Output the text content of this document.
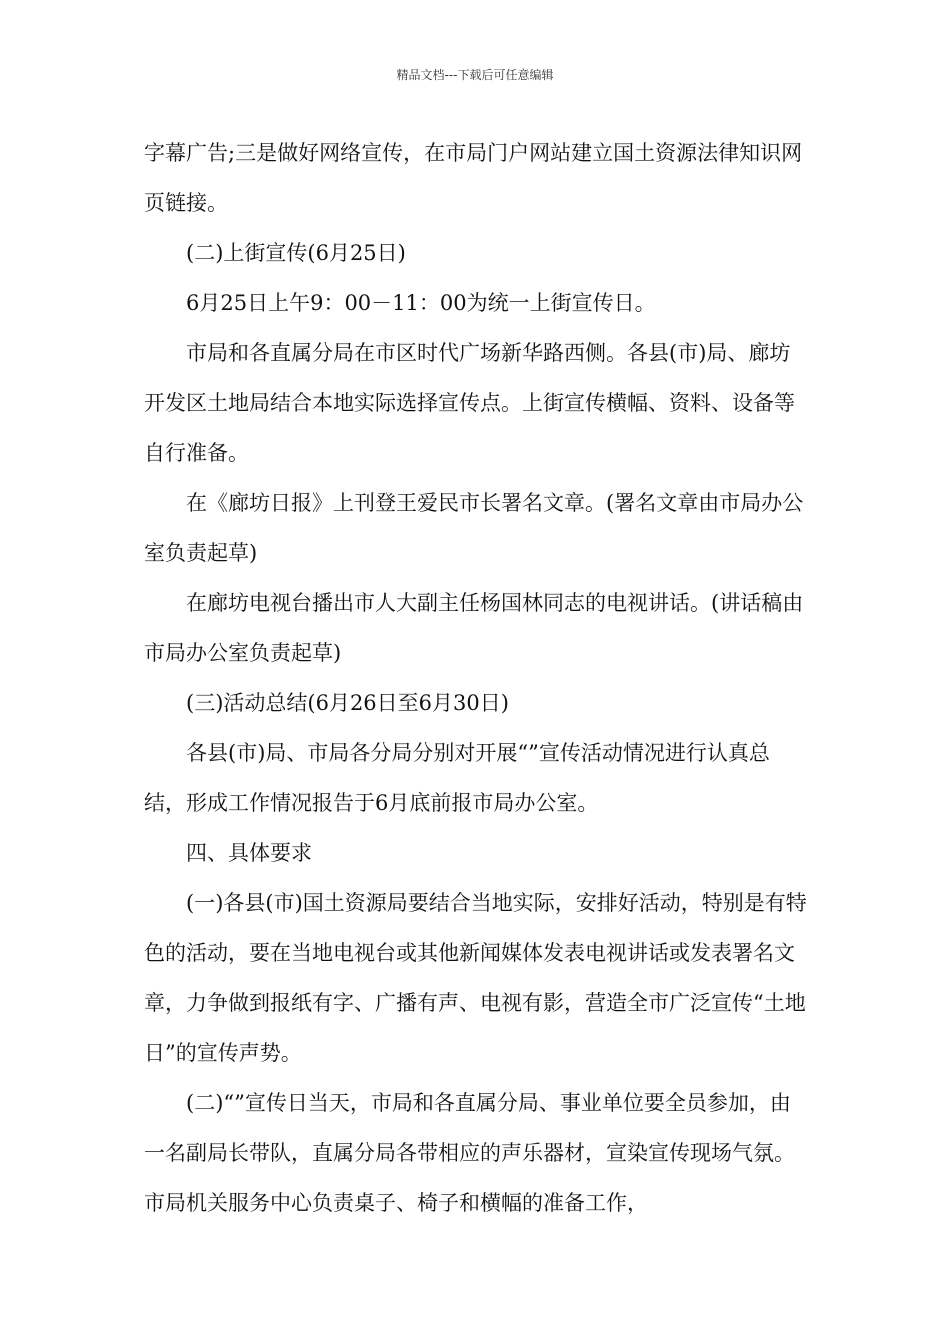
精品文档---下载后可任意编辑

字幕广告;三是做好网络宣传，在市局门户网站建立国土资源法律知识网页链接。

(二)上街宣传(6月25日)

6月25日上午9：00－11：00为统一上街宣传日。

市局和各直属分局在市区时代广场新华路西侧。各县(市)局、廊坊开发区土地局结合本地实际选择宣传点。上街宣传横幅、资料、设备等自行准备。

在《廊坊日报》上刊登王爱民市长署名文章。(署名文章由市局办公室负责起草)

在廊坊电视台播出市人大副主任杨国林同志的电视讲话。(讲话稿由市局办公室负责起草)

(三)活动总结(6月26日至6月30日)

各县(市)局、市局各分局分别对开展“”宣传活动情况进行认真总结，形成工作情况报告于6月底前报市局办公室。

四、具体要求

(一)各县(市)国土资源局要结合当地实际，安排好活动，特别是有特色的活动，要在当地电视台或其他新闻媒体发表电视讲话或发表署名文章，力争做到报纸有字、广播有声、电视有影，营造全市广泛宣传“土地日”的宣传声势。

(二)“”宣传日当天，市局和各直属分局、事业单位要全员参加，由一名副局长带队，直属分局各带相应的声乐器材，宣染宣传现场气氛。市局机关服务中心负责桌子、椅子和横幅的准备工作，
